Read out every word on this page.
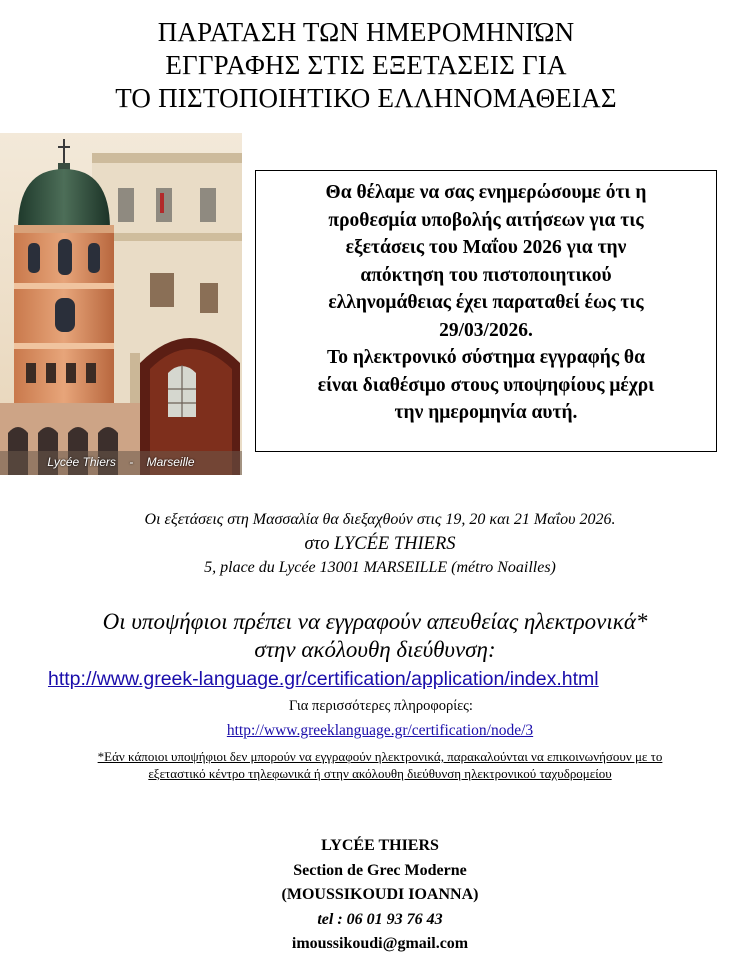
ΠΑΡΑΤΑΣΗ ΤΩΝ ΗΜΕΡΟΜΗΝΙΏΝ
ΕΓΓΡΑΦΗΣ ΣΤΙΣ ΕΞΕΤΑΣΕΙΣ ΓΙΑ
ΤΟ ΠΙΣΤΟΠΟΙΗΤΙΚΟ ΕΛΛΗΝΟΜΑΘΕΙΑΣ
Lycée Thiers - Marseille

Θα θέλαμε να σας ενημερώσουμε ότι η

προθεσμία υποβολής αιτήσεων για τις

εξετάσεις του Μαΐου 2026 για την

απόκτηση του πιστοποιητικού

ελληνομάθειας έχει παραταθεί έως τις

29/03/2026.

Το ηλεκτρονικό σύστημα εγγραφής θα

είναι διαθέσιμο στους υποψηφίους μέχρι

την ημερομηνία αυτή.

Οι εξετάσεις στη Μασσαλία θα διεξαχθούν στις 19, 20 και 21 Μαΐου 2026.
στο LYCÉE THIERS
5, place du Lycée 13001 MARSEILLE (métro Noailles)
Οι υποψήφιοι πρέπει να εγγραφούν απευθείας ηλεκτρονικά*
στην ακόλουθη διεύθυνση:
http://www.greek-language.gr/certification/application/index.html
Για περισσότερες πληροφορίες:
http://www.greeklanguage.gr/certification/node/3
*Εάν κάποιοι υποψήφιοι δεν μπορούν να εγγραφούν ηλεκτρονικά, παρακαλούνται να επικοινωνήσουν με το εξεταστικό κέντρο τηλεφωνικά ή στην ακόλουθη διεύθυνση ηλεκτρονικού ταχυδρομείου
LYCÉE THIERS
Section de Grec Moderne
(MOUSSIKOUDI IOANNA)
tel : 06 01 93 76 43
imoussikoudi@gmail.com
